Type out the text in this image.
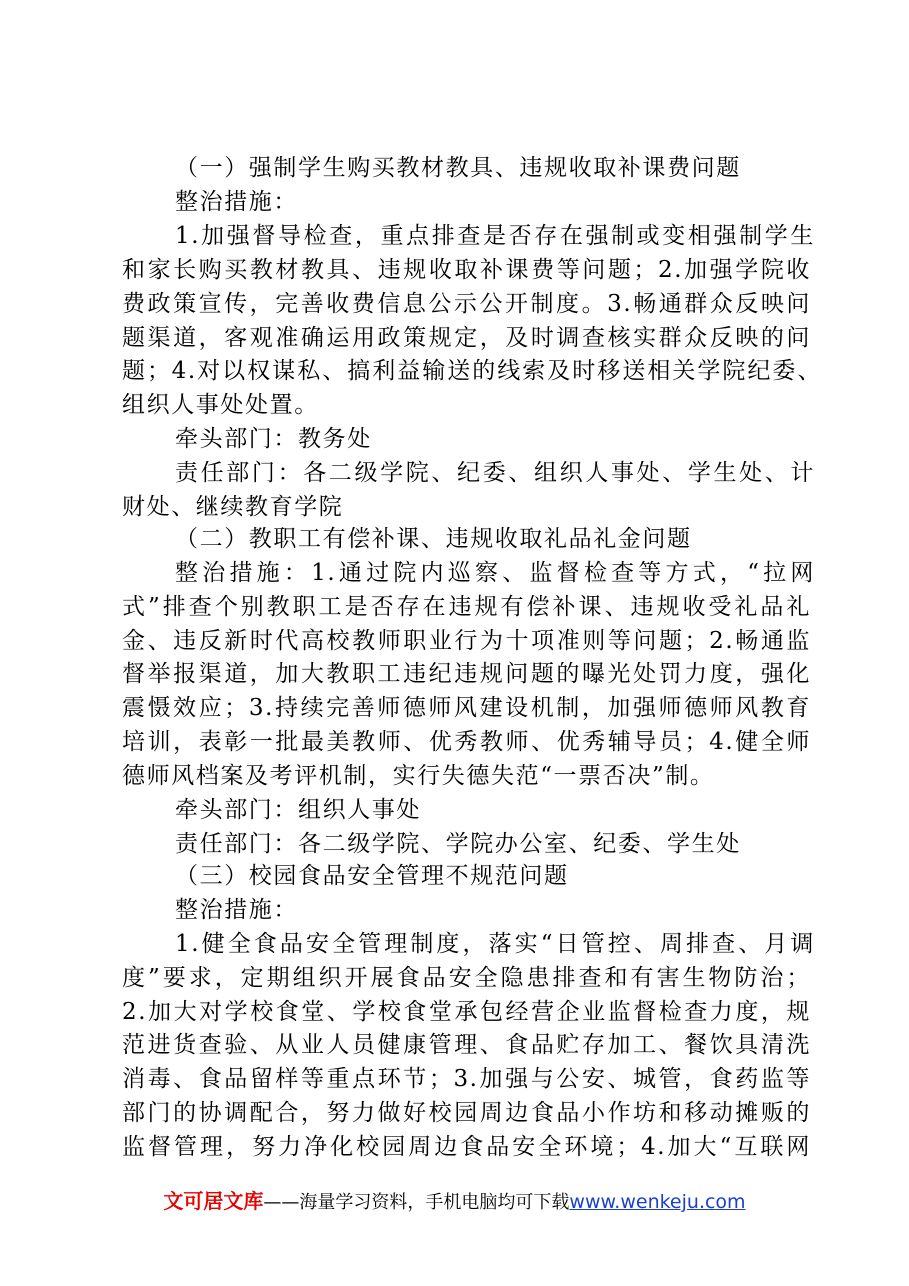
（一）强制学生购买教材教具、违规收取补课费问题
整治措施：
1.加强督导检查，重点排查是否存在强制或变相强制学生
和家长购买教材教具、违规收取补课费等问题；2.加强学院收
费政策宣传，完善收费信息公示公开制度。3.畅通群众反映问
题渠道，客观准确运用政策规定，及时调查核实群众反映的问
题；4.对以权谋私、搞利益输送的线索及时移送相关学院纪委、
组织人事处处置。
牵头部门：教务处
责任部门：各二级学院、纪委、组织人事处、学生处、计
财处、继续教育学院
（二）教职工有偿补课、违规收取礼品礼金问题
整治措施：1.通过院内巡察、监督检查等方式，“拉网
式”排查个别教职工是否存在违规有偿补课、违规收受礼品礼
金、违反新时代高校教师职业行为十项准则等问题；2.畅通监
督举报渠道，加大教职工违纪违规问题的曝光处罚力度，强化
震慑效应；3.持续完善师德师风建设机制，加强师德师风教育
培训，表彰一批最美教师、优秀教师、优秀辅导员；4.健全师
德师风档案及考评机制，实行失德失范“一票否决”制。
牵头部门：组织人事处
责任部门：各二级学院、学院办公室、纪委、学生处
（三）校园食品安全管理不规范问题
整治措施：
1.健全食品安全管理制度，落实“日管控、周排查、月调
度”要求，定期组织开展食品安全隐患排查和有害生物防治；
2.加大对学校食堂、学校食堂承包经营企业监督检查力度，规
范进货查验、从业人员健康管理、食品贮存加工、餐饮具清洗
消毒、食品留样等重点环节；3.加强与公安、城管，食药监等
部门的协调配合，努力做好校园周边食品小作坊和移动摊贩的
监督管理，努力净化校园周边食品安全环境；4.加大“互联网
文可居文库——海量学习资料，手机电脑均可下载www.wenkeju.com
